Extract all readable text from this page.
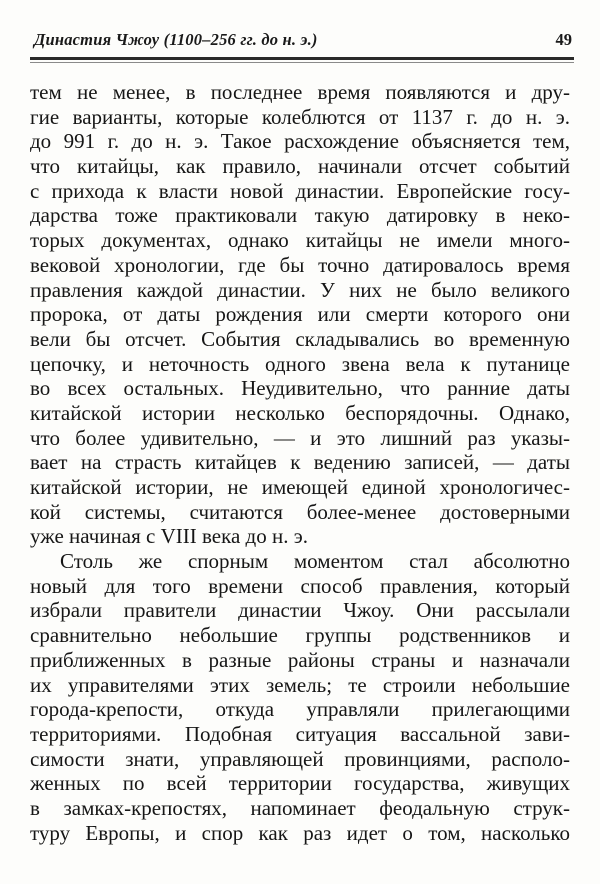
Династия Чжоу (1100–256 гг. до н. э.)	49
тем не менее, в последнее время появляются и дру-
гие варианты, которые колеблются от 1137 г. до н. э.
до 991 г. до н. э. Такое расхождение объясняется тем,
что китайцы, как правило, начинали отсчет событий
с прихода к власти новой династии. Европейские госу-
дарства тоже практиковали такую датировку в неко-
торых документах, однако китайцы не имели много-
вековой хронологии, где бы точно датировалось время
правления каждой династии. У них не было великого
пророка, от даты рождения или смерти которого они
вели бы отсчет. События складывались во временную
цепочку, и неточность одного звена вела к путанице
во всех остальных. Неудивительно, что ранние даты
китайской истории несколько беспорядочны. Однако,
что более удивительно, — и это лишний раз указы-
вает на страсть китайцев к ведению записей, — даты
китайской истории, не имеющей единой хронологичес-
кой системы, считаются более-менее достоверными
уже начиная с VIII века до н. э.
Столь же спорным моментом стал абсолютно
новый для того времени способ правления, который
избрали правители династии Чжоу. Они рассылали
сравнительно небольшие группы родственников и
приближенных в разные районы страны и назначали
их управителями этих земель; те строили небольшие
города-крепости, откуда управляли прилегающими
территориями. Подобная ситуация вассальной зави-
симости знати, управляющей провинциями, располо-
женных по всей территории государства, живущих
в замках-крепостях, напоминает феодальную струк-
туру Европы, и спор как раз идет о том, насколько
